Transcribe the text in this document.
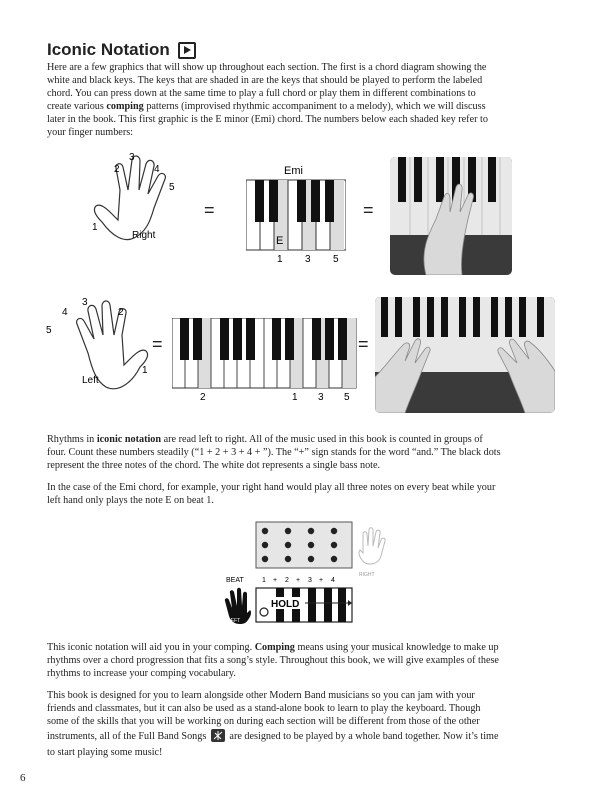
Iconic Notation
Here are a few graphics that will show up throughout each section. The first is a chord diagram showing the
white and black keys. The keys that are shaded in are the keys that should be played to perform the labeled
chord. You can press down at the same time to play a full chord or play them in different combinations to
create various comping patterns (improvised rhythmic accompaniment to a melody), which we will discuss
later in the book. This first graphic is the E minor (Emi) chord. The numbers below each shaded key refer to
your finger numbers:
1
2
3
4
5
Right
=
Emi
E
1 3 5
=
5
4
3
2
1
Left
=
2	1 3 5
=
Rhythms in iconic notation are read left to right. All of the music used in this book is counted in groups of
four. Count these numbers steadily (“1 + 2 + 3 + 4 + ”). The “+” sign stands for the word “and.” The black dots
represent the three notes of the chord. The white dot represents a single bass note.
In the case of the Emi chord, for example, your right hand would play all three notes on every beat while your
left hand only plays the note E on beat 1.
RIGHT
BEAT	1 + 2 + 3 + 4
HOLD
LEFT
This iconic notation will aid you in your comping. Comping means using your musical knowledge to make up
rhythms over a chord progression that fits a song’s style. Throughout this book, we will give examples of these
rhythms to increase your comping vocabulary.
This book is designed for you to learn alongside other Modern Band musicians so you can jam with your
friends and classmates, but it can also be used as a stand-alone book to learn to play the keyboard. Though
some of the skills that you will be working on during each section will be different from those of the other
instruments, all of the Full Band Songs  are designed to be played by a whole band together. Now it’s time
to start playing some music!
6
